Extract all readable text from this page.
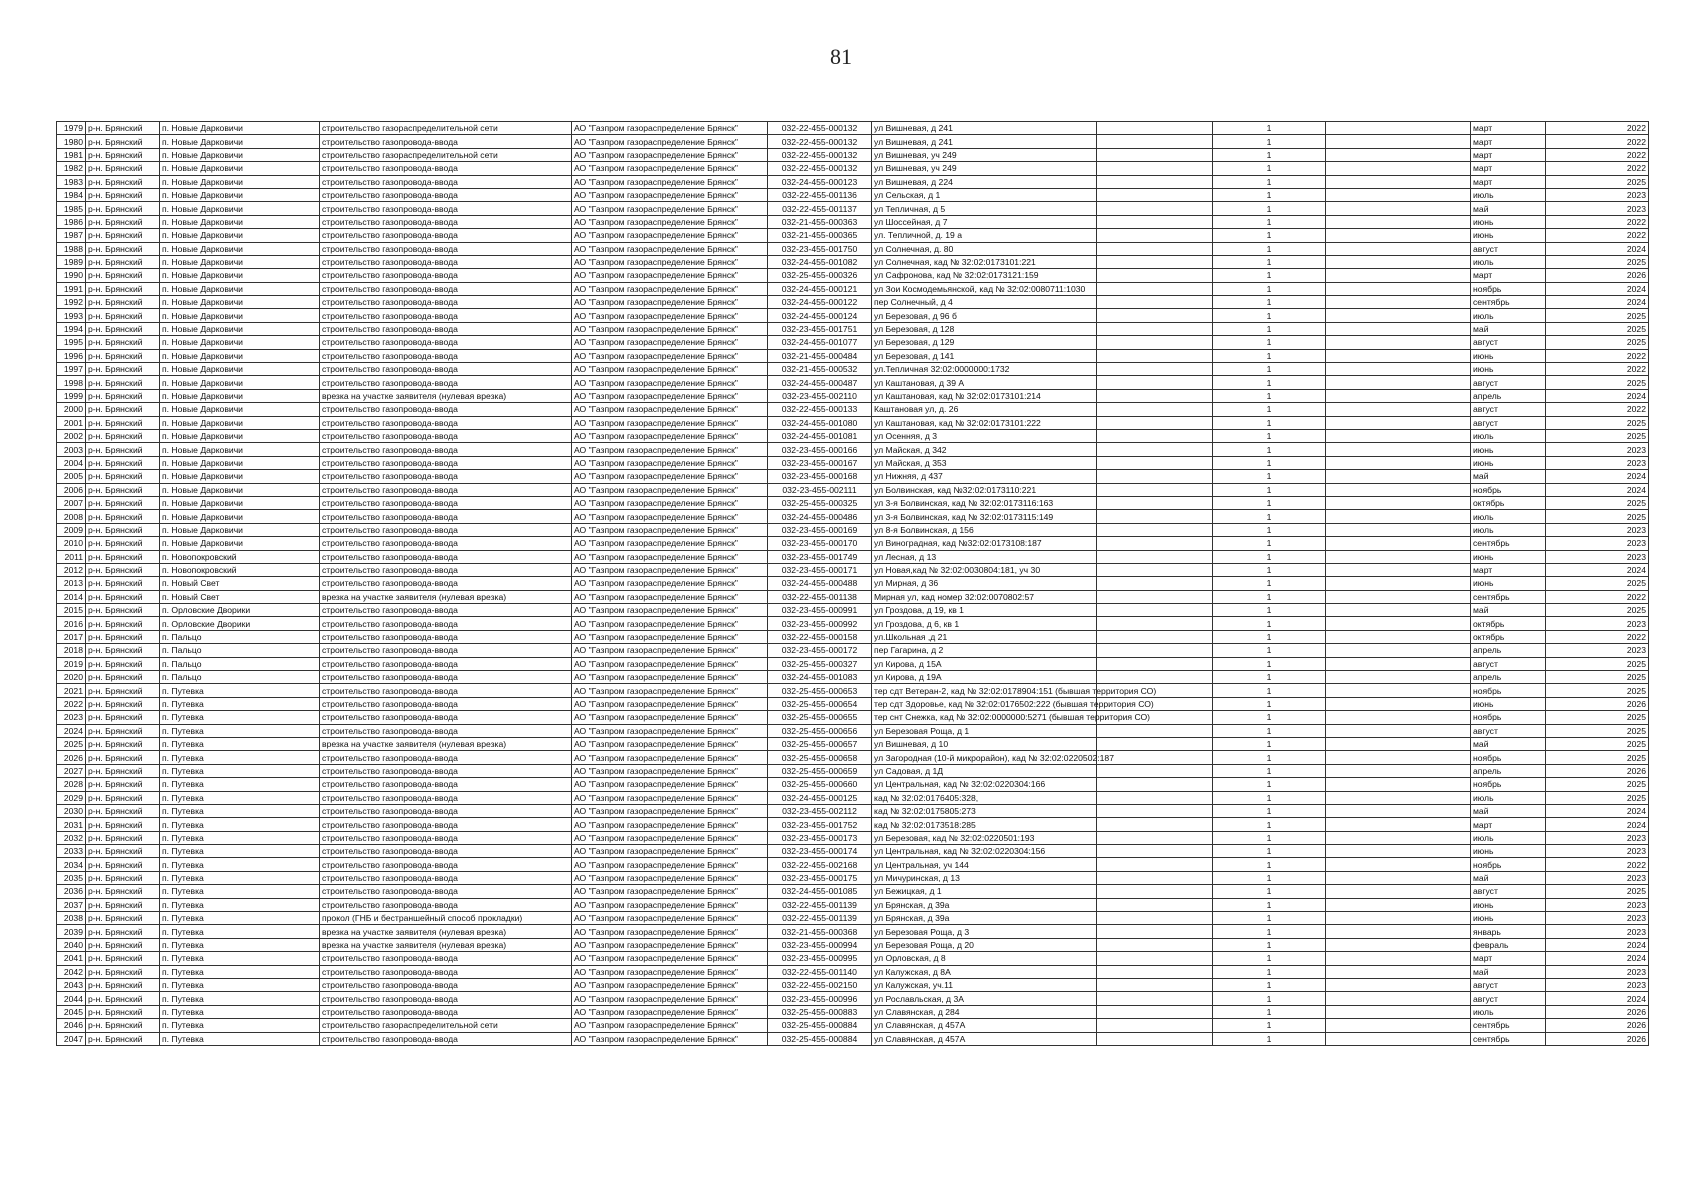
81
1979	р-н. Брянский	п. Новые Дарковичи	строительство газораспределительной сети	АО "Газпром газораспределение Брянск"	032-22-455-000132	ул Вишневая, д 241		1		март	2022
1980	р-н. Брянский	п. Новые Дарковичи	строительство газопровода-ввода	АО "Газпром газораспределение Брянск"	032-22-455-000132	ул Вишневая, д 241		1		март	2022
1981	р-н. Брянский	п. Новые Дарковичи	строительство газораспределительной сети	АО "Газпром газораспределение Брянск"	032-22-455-000132	ул Вишневая, уч 249		1		март	2022
1982	р-н. Брянский	п. Новые Дарковичи	строительство газопровода-ввода	АО "Газпром газораспределение Брянск"	032-22-455-000132	ул Вишневая, уч 249		1		март	2022
1983	р-н. Брянский	п. Новые Дарковичи	строительство газопровода-ввода	АО "Газпром газораспределение Брянск"	032-24-455-000123	ул Вишневая, д 224		1		март	2025
1984	р-н. Брянский	п. Новые Дарковичи	строительство газопровода-ввода	АО "Газпром газораспределение Брянск"	032-22-455-001136	ул Сельская, д 1		1		июль	2023
1985	р-н. Брянский	п. Новые Дарковичи	строительство газопровода-ввода	АО "Газпром газораспределение Брянск"	032-22-455-001137	ул Тепличная, д 5		1		май	2023
1986	р-н. Брянский	п. Новые Дарковичи	строительство газопровода-ввода	АО "Газпром газораспределение Брянск"	032-21-455-000363	ул Шоссейная, д 7		1		июнь	2022
1987	р-н. Брянский	п. Новые Дарковичи	строительство газопровода-ввода	АО "Газпром газораспределение Брянск"	032-21-455-000365	ул. Тепличной, д. 19 а		1		июнь	2022
1988	р-н. Брянский	п. Новые Дарковичи	строительство газопровода-ввода	АО "Газпром газораспределение Брянск"	032-23-455-001750	ул Солнечная, д. 80		1		август	2024
1989	р-н. Брянский	п. Новые Дарковичи	строительство газопровода-ввода	АО "Газпром газораспределение Брянск"	032-24-455-001082	ул Солнечная, кад № 32:02:0173101:221		1		июль	2025
1990	р-н. Брянский	п. Новые Дарковичи	строительство газопровода-ввода	АО "Газпром газораспределение Брянск"	032-25-455-000326	ул Сафронова, кад № 32:02:0173121:159		1		март	2026
1991	р-н. Брянский	п. Новые Дарковичи	строительство газопровода-ввода	АО "Газпром газораспределение Брянск"	032-24-455-000121	ул Зои Космодемьянской, кад № 32:02:0080711:1030		1		ноябрь	2024
1992	р-н. Брянский	п. Новые Дарковичи	строительство газопровода-ввода	АО "Газпром газораспределение Брянск"	032-24-455-000122	пер Солнечный, д 4		1		сентябрь	2024
1993	р-н. Брянский	п. Новые Дарковичи	строительство газопровода-ввода	АО "Газпром газораспределение Брянск"	032-24-455-000124	ул Березовая, д 96 б		1		июль	2025
1994	р-н. Брянский	п. Новые Дарковичи	строительство газопровода-ввода	АО "Газпром газораспределение Брянск"	032-23-455-001751	ул Березовая, д 128		1		май	2025
1995	р-н. Брянский	п. Новые Дарковичи	строительство газопровода-ввода	АО "Газпром газораспределение Брянск"	032-24-455-001077	ул Березовая, д 129		1		август	2025
1996	р-н. Брянский	п. Новые Дарковичи	строительство газопровода-ввода	АО "Газпром газораспределение Брянск"	032-21-455-000484	ул Березовая, д 141		1		июнь	2022
1997	р-н. Брянский	п. Новые Дарковичи	строительство газопровода-ввода	АО "Газпром газораспределение Брянск"	032-21-455-000532	ул.Тепличная 32:02:0000000:1732		1		июнь	2022
1998	р-н. Брянский	п. Новые Дарковичи	строительство газопровода-ввода	АО "Газпром газораспределение Брянск"	032-24-455-000487	ул Каштановая, д 39 А		1		август	2025
1999	р-н. Брянский	п. Новые Дарковичи	врезка на участке заявителя (нулевая врезка)	АО "Газпром газораспределение Брянск"	032-23-455-002110	ул Каштановая, кад № 32:02:0173101:214		1		апрель	2024
2000	р-н. Брянский	п. Новые Дарковичи	строительство газопровода-ввода	АО "Газпром газораспределение Брянск"	032-22-455-000133	Каштановая ул, д. 26		1		август	2022
2001	р-н. Брянский	п. Новые Дарковичи	строительство газопровода-ввода	АО "Газпром газораспределение Брянск"	032-24-455-001080	ул Каштановая, кад № 32:02:0173101:222		1		август	2025
2002	р-н. Брянский	п. Новые Дарковичи	строительство газопровода-ввода	АО "Газпром газораспределение Брянск"	032-24-455-001081	ул Осенняя, д 3		1		июль	2025
2003	р-н. Брянский	п. Новые Дарковичи	строительство газопровода-ввода	АО "Газпром газораспределение Брянск"	032-23-455-000166	ул Майская, д 342		1		июнь	2023
2004	р-н. Брянский	п. Новые Дарковичи	строительство газопровода-ввода	АО "Газпром газораспределение Брянск"	032-23-455-000167	ул Майская, д 353		1		июнь	2023
2005	р-н. Брянский	п. Новые Дарковичи	строительство газопровода-ввода	АО "Газпром газораспределение Брянск"	032-23-455-000168	ул Нижняя, д 437		1		май	2024
2006	р-н. Брянский	п. Новые Дарковичи	строительство газопровода-ввода	АО "Газпром газораспределение Брянск"	032-23-455-002111	ул Болвинская, кад №32:02:0173110:221		1		ноябрь	2024
2007	р-н. Брянский	п. Новые Дарковичи	строительство газопровода-ввода	АО "Газпром газораспределение Брянск"	032-25-455-000325	ул 3-я Болвинская, кад № 32:02:0173116:163		1		октябрь	2025
2008	р-н. Брянский	п. Новые Дарковичи	строительство газопровода-ввода	АО "Газпром газораспределение Брянск"	032-24-455-000486	ул 3-я Болвинская, кад № 32:02:0173115:149		1		июль	2025
2009	р-н. Брянский	п. Новые Дарковичи	строительство газопровода-ввода	АО "Газпром газораспределение Брянск"	032-23-455-000169	ул 8-я Болвинская, д 156		1		июль	2023
2010	р-н. Брянский	п. Новые Дарковичи	строительство газопровода-ввода	АО "Газпром газораспределение Брянск"	032-23-455-000170	ул Виноградная, кад №32:02:0173108:187		1		сентябрь	2023
2011	р-н. Брянский	п. Новопокровский	строительство газопровода-ввода	АО "Газпром газораспределение Брянск"	032-23-455-001749	ул Лесная, д 13		1		июнь	2023
2012	р-н. Брянский	п. Новопокровский	строительство газопровода-ввода	АО "Газпром газораспределение Брянск"	032-23-455-000171	ул Новая,кад № 32:02:0030804:181, уч 30		1		март	2024
2013	р-н. Брянский	п. Новый Свет	строительство газопровода-ввода	АО "Газпром газораспределение Брянск"	032-24-455-000488	ул Мирная, д 36		1		июнь	2025
2014	р-н. Брянский	п. Новый Свет	врезка на участке заявителя (нулевая врезка)	АО "Газпром газораспределение Брянск"	032-22-455-001138	Мирная ул, кад номер 32:02:0070802:57		1		сентябрь	2022
2015	р-н. Брянский	п. Орловские Дворики	строительство газопровода-ввода	АО "Газпром газораспределение Брянск"	032-23-455-000991	ул Гроздова, д 19, кв 1		1		май	2025
2016	р-н. Брянский	п. Орловские Дворики	строительство газопровода-ввода	АО "Газпром газораспределение Брянск"	032-23-455-000992	ул Гроздова, д 6, кв 1		1		октябрь	2023
2017	р-н. Брянский	п. Пальцо	строительство газопровода-ввода	АО "Газпром газораспределение Брянск"	032-22-455-000158	ул.Школьная ,д 21		1		октябрь	2022
2018	р-н. Брянский	п. Пальцо	строительство газопровода-ввода	АО "Газпром газораспределение Брянск"	032-23-455-000172	пер Гагарина, д 2		1		апрель	2023
2019	р-н. Брянский	п. Пальцо	строительство газопровода-ввода	АО "Газпром газораспределение Брянск"	032-25-455-000327	ул Кирова, д 15А		1		август	2025
2020	р-н. Брянский	п. Пальцо	строительство газопровода-ввода	АО "Газпром газораспределение Брянск"	032-24-455-001083	ул Кирова, д 19А		1		апрель	2025
2021	р-н. Брянский	п. Путевка	строительство газопровода-ввода	АО "Газпром газораспределение Брянск"	032-25-455-000653	тер сдт Ветеран-2, кад № 32:02:0178904:151 (бывшая территория СО)		1		ноябрь	2025
2022	р-н. Брянский	п. Путевка	строительство газопровода-ввода	АО "Газпром газораспределение Брянск"	032-25-455-000654	тер сдт Здоровье, кад № 32:02:0176502:222 (бывшая территория СО)		1		июнь	2026
2023	р-н. Брянский	п. Путевка	строительство газопровода-ввода	АО "Газпром газораспределение Брянск"	032-25-455-000655	тер снт Снежка, кад № 32:02:0000000:5271 (бывшая территория СО)		1		ноябрь	2025
2024	р-н. Брянский	п. Путевка	строительство газопровода-ввода	АО "Газпром газораспределение Брянск"	032-25-455-000656	ул Березовая Роща, д 1		1		август	2025
2025	р-н. Брянский	п. Путевка	врезка на участке заявителя (нулевая врезка)	АО "Газпром газораспределение Брянск"	032-25-455-000657	ул Вишневая, д 10		1		май	2025
2026	р-н. Брянский	п. Путевка	строительство газопровода-ввода	АО "Газпром газораспределение Брянск"	032-25-455-000658	ул Загородная (10-й микрорайон), кад № 32:02:0220502:187		1		ноябрь	2025
2027	р-н. Брянский	п. Путевка	строительство газопровода-ввода	АО "Газпром газораспределение Брянск"	032-25-455-000659	ул Садовая, д 1Д		1		апрель	2026
2028	р-н. Брянский	п. Путевка	строительство газопровода-ввода	АО "Газпром газораспределение Брянск"	032-25-455-000660	ул Центральная, кад № 32:02:0220304:166		1		ноябрь	2025
2029	р-н. Брянский	п. Путевка	строительство газопровода-ввода	АО "Газпром газораспределение Брянск"	032-24-455-000125	кад № 32:02:0176405:328,		1		июль	2025
2030	р-н. Брянский	п. Путевка	строительство газопровода-ввода	АО "Газпром газораспределение Брянск"	032-23-455-002112	кад № 32:02:0175805:273		1		май	2024
2031	р-н. Брянский	п. Путевка	строительство газопровода-ввода	АО "Газпром газораспределение Брянск"	032-23-455-001752	кад № 32:02:0173518:285		1		март	2024
2032	р-н. Брянский	п. Путевка	строительство газопровода-ввода	АО "Газпром газораспределение Брянск"	032-23-455-000173	ул Березовая, кад № 32:02:0220501:193		1		июль	2023
2033	р-н. Брянский	п. Путевка	строительство газопровода-ввода	АО "Газпром газораспределение Брянск"	032-23-455-000174	ул Центральная, кад № 32:02:0220304:156		1		июнь	2023
2034	р-н. Брянский	п. Путевка	строительство газопровода-ввода	АО "Газпром газораспределение Брянск"	032-22-455-002168	ул Центральная, уч 144		1		ноябрь	2022
2035	р-н. Брянский	п. Путевка	строительство газопровода-ввода	АО "Газпром газораспределение Брянск"	032-23-455-000175	ул Мичуринская, д 13		1		май	2023
2036	р-н. Брянский	п. Путевка	строительство газопровода-ввода	АО "Газпром газораспределение Брянск"	032-24-455-001085	ул Бежицкая, д 1		1		август	2025
2037	р-н. Брянский	п. Путевка	строительство газопровода-ввода	АО "Газпром газораспределение Брянск"	032-22-455-001139	ул Брянская, д 39а		1		июнь	2023
2038	р-н. Брянский	п. Путевка	прокол (ГНБ и бестраншейный способ прокладки)	АО "Газпром газораспределение Брянск"	032-22-455-001139	ул Брянская, д 39а		1		июнь	2023
2039	р-н. Брянский	п. Путевка	врезка на участке заявителя (нулевая врезка)	АО "Газпром газораспределение Брянск"	032-21-455-000368	ул Березовая Роща, д 3		1		январь	2023
2040	р-н. Брянский	п. Путевка	врезка на участке заявителя (нулевая врезка)	АО "Газпром газораспределение Брянск"	032-23-455-000994	ул Березовая Роща, д 20		1		февраль	2024
2041	р-н. Брянский	п. Путевка	строительство газопровода-ввода	АО "Газпром газораспределение Брянск"	032-23-455-000995	ул Орловская, д 8		1		март	2024
2042	р-н. Брянский	п. Путевка	строительство газопровода-ввода	АО "Газпром газораспределение Брянск"	032-22-455-001140	ул Калужская, д 8А		1		май	2023
2043	р-н. Брянский	п. Путевка	строительство газопровода-ввода	АО "Газпром газораспределение Брянск"	032-22-455-002150	ул Калужская, уч.11		1		август	2023
2044	р-н. Брянский	п. Путевка	строительство газопровода-ввода	АО "Газпром газораспределение Брянск"	032-23-455-000996	ул Рославльская, д 3А		1		август	2024
2045	р-н. Брянский	п. Путевка	строительство газопровода-ввода	АО "Газпром газораспределение Брянск"	032-25-455-000883	ул Славянская, д 284		1		июль	2026
2046	р-н. Брянский	п. Путевка	строительство газораспределительной сети	АО "Газпром газораспределение Брянск"	032-25-455-000884	ул Славянская, д 457А		1		сентябрь	2026
2047	р-н. Брянский	п. Путевка	строительство газопровода-ввода	АО "Газпром газораспределение Брянск"	032-25-455-000884	ул Славянская, д 457А		1		сентябрь	2026
